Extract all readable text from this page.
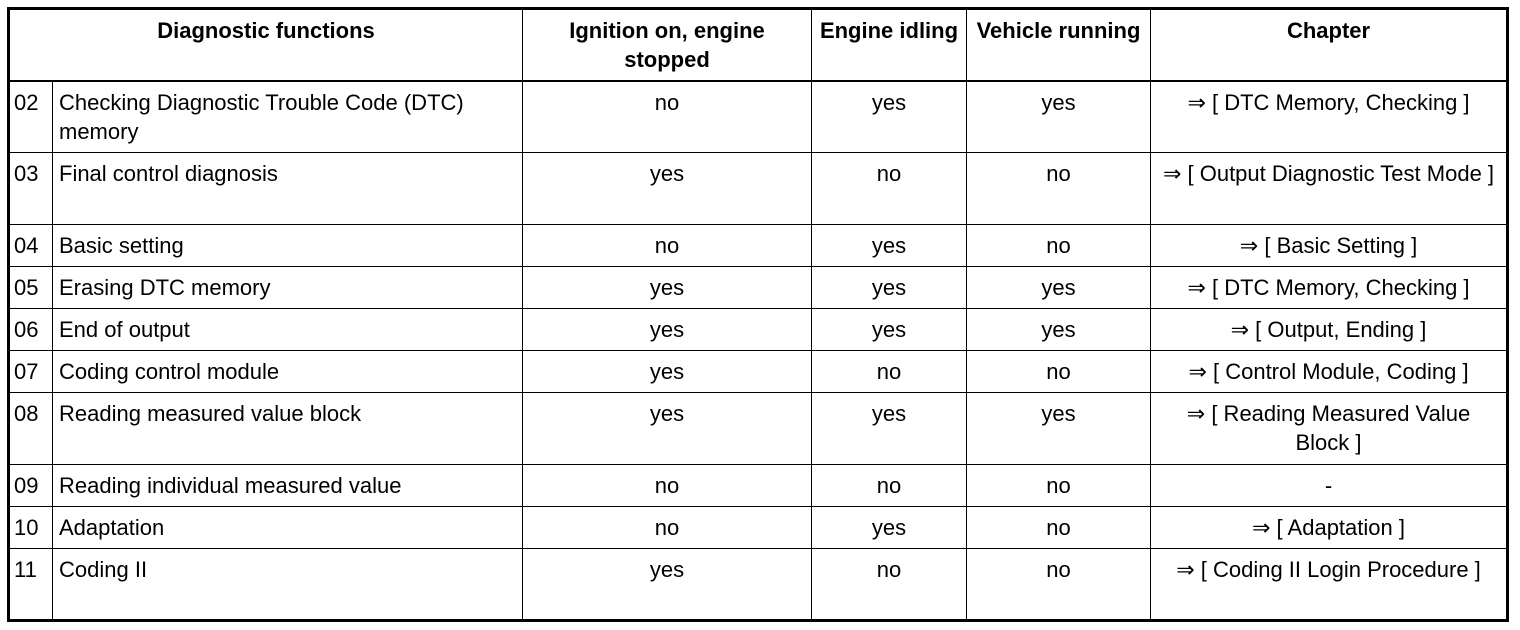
Diagnostic functions		Ignition on, engine stopped	Engine idling	Vehicle running	Chapter
02	Checking Diagnostic Trouble Code (DTC) memory	no	yes	yes	⇒ [ DTC Memory, Checking ]
03	Final control diagnosis	yes	no	no	⇒ [ Output Diagnostic Test Mode ]
04	Basic setting	no	yes	no	⇒ [ Basic Setting ]
05	Erasing DTC memory	yes	yes	yes	⇒ [ DTC Memory, Checking ]
06	End of output	yes	yes	yes	⇒ [ Output, Ending ]
07	Coding control module	yes	no	no	⇒ [ Control Module, Coding ]
08	Reading measured value block	yes	yes	yes	⇒ [ Reading Measured Value Block ]
09	Reading individual measured value	no	no	no	-
10	Adaptation	no	yes	no	⇒ [ Adaptation ]
11	Coding II	yes	no	no	⇒ [ Coding II Login Procedure ]
